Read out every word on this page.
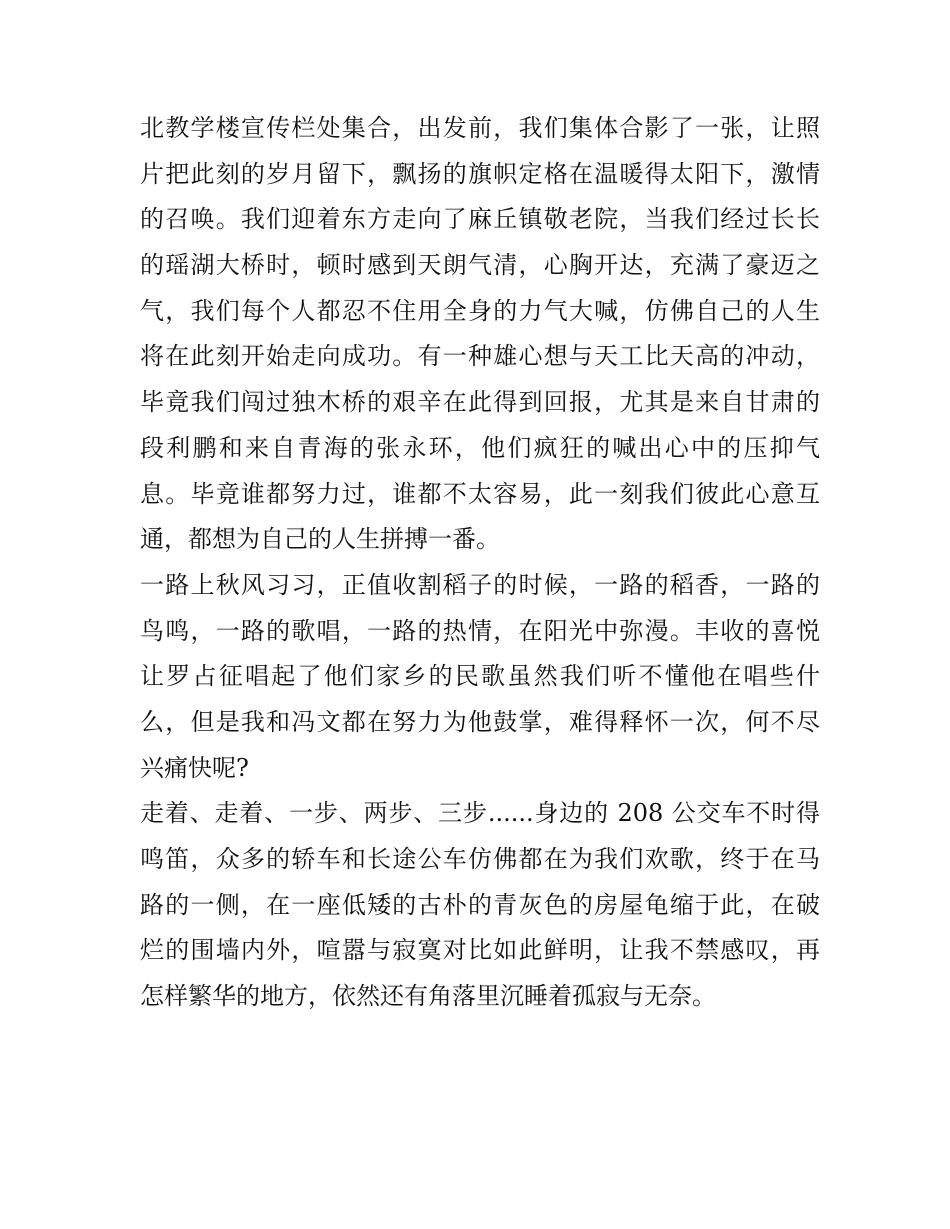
北教学楼宣传栏处集合，出发前，我们集体合影了一张，让照
片把此刻的岁月留下，飘扬的旗帜定格在温暖得太阳下，激情
的召唤。我们迎着东方走向了麻丘镇敬老院，当我们经过长长
的瑶湖大桥时，顿时感到天朗气清，心胸开达，充满了豪迈之
气，我们每个人都忍不住用全身的力气大喊，仿佛自己的人生
将在此刻开始走向成功。有一种雄心想与天工比天高的冲动，
毕竟我们闯过独木桥的艰辛在此得到回报，尤其是来自甘肃的
段利鹏和来自青海的张永环，他们疯狂的喊出心中的压抑气
息。毕竟谁都努力过，谁都不太容易，此一刻我们彼此心意互
通，都想为自己的人生拼搏一番。
一路上秋风习习，正值收割稻子的时候，一路的稻香，一路的
鸟鸣，一路的歌唱，一路的热情，在阳光中弥漫。丰收的喜悦
让罗占征唱起了他们家乡的民歌虽然我们听不懂他在唱些什
么，但是我和冯文都在努力为他鼓掌，难得释怀一次，何不尽
兴痛快呢?
走着、走着、一步、两步、三步......身边的 208 公交车不时得
鸣笛，众多的轿车和长途公车仿佛都在为我们欢歌，终于在马
路的一侧，在一座低矮的古朴的青灰色的房屋龟缩于此，在破
烂的围墙内外，喧嚣与寂寞对比如此鲜明，让我不禁感叹，再
怎样繁华的地方，依然还有角落里沉睡着孤寂与无奈。
